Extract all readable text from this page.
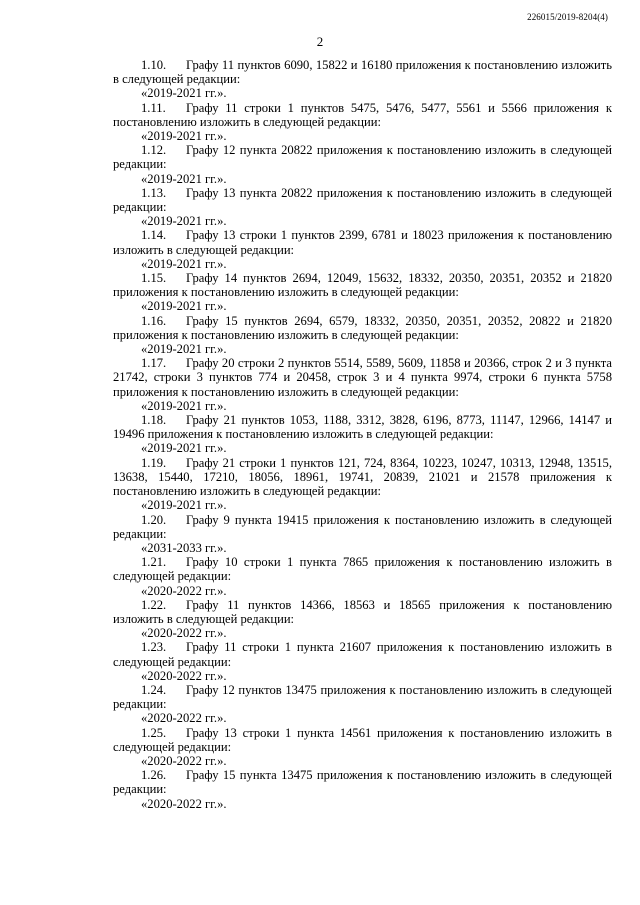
226015/2019-8204(4)
2

1.10. Графу 11 пунктов 6090, 15822 и 16180 приложения к постановлению изложить в следующей редакции:

«2019-2021 гг.».

1.11. Графу 11 строки 1 пунктов 5475, 5476, 5477, 5561 и 5566 приложения к постановлению изложить в следующей редакции:

«2019-2021 гг.».

1.12. Графу 12 пункта 20822 приложения к постановлению изложить в следующей редакции:

«2019-2021 гг.».

1.13. Графу 13 пункта 20822 приложения к постановлению изложить в следующей редакции:

«2019-2021 гг.».

1.14. Графу 13 строки 1 пунктов 2399, 6781 и 18023 приложения к постановлению изложить в следующей редакции:

«2019-2021 гг.».

1.15. Графу 14 пунктов 2694, 12049, 15632, 18332, 20350, 20351, 20352 и 21820 приложения к постановлению изложить в следующей редакции:

«2019-2021 гг.».

1.16. Графу 15 пунктов 2694, 6579, 18332, 20350, 20351, 20352, 20822 и 21820 приложения к постановлению изложить в следующей редакции:

«2019-2021 гг.».

1.17. Графу 20 строки 2 пунктов 5514, 5589, 5609, 11858 и 20366, строк 2 и 3 пункта 21742, строки 3 пунктов 774 и 20458, строк 3 и 4 пункта 9974, строки 6 пункта 5758 приложения к постановлению изложить в следующей редакции:

«2019-2021 гг.».

1.18. Графу 21 пунктов 1053, 1188, 3312, 3828, 6196, 8773, 11147, 12966, 14147 и 19496 приложения к постановлению изложить в следующей редакции:

«2019-2021 гг.».

1.19. Графу 21 строки 1 пунктов 121, 724, 8364, 10223, 10247, 10313, 12948, 13515, 13638, 15440, 17210, 18056, 18961, 19741, 20839, 21021 и 21578 приложения к постановлению изложить в следующей редакции:

«2019-2021 гг.».

1.20. Графу 9 пункта 19415 приложения к постановлению изложить в следующей редакции:

«2031-2033 гг.».

1.21. Графу 10 строки 1 пункта 7865 приложения к постановлению изложить в следующей редакции:

«2020-2022 гг.».

1.22. Графу 11 пунктов 14366, 18563 и 18565 приложения к постановлению изложить в следующей редакции:

«2020-2022 гг.».

1.23. Графу 11 строки 1 пункта 21607 приложения к постановлению изложить в следующей редакции:

«2020-2022 гг.».

1.24. Графу 12 пунктов 13475 приложения к постановлению изложить в следующей редакции:

«2020-2022 гг.».

1.25. Графу 13 строки 1 пункта 14561 приложения к постановлению изложить в следующей редакции:

«2020-2022 гг.».

1.26. Графу 15 пункта 13475 приложения к постановлению изложить в следующей редакции:

«2020-2022 гг.».
